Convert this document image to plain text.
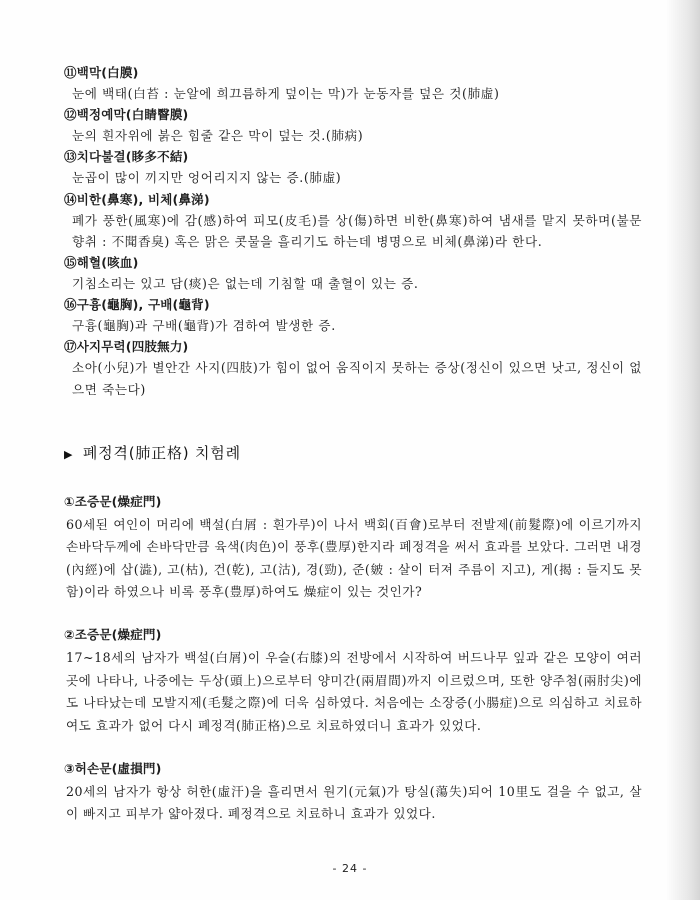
⑪백막(白膜)

눈에 백태(白苔 : 눈알에 희끄름하게 덮이는 막)가 눈동자를 덮은 것(肺虛)

⑫백정예막(白睛瞖膜)

눈의 흰자위에 붉은 힘줄 같은 막이 덮는 것.(肺病)

⑬치다불결(眵多不結)

눈곱이 많이 끼지만 엉어리지지 않는 증.(肺虛)

⑭비한(鼻寒), 비체(鼻涕)

폐가 풍한(風寒)에 감(感)하여 피모(皮毛)를 상(傷)하면 비한(鼻寒)하여 냄새를 맡지 못하며(불문향취 : 不聞香臭) 혹은 맑은 콧물을 흘리기도 하는데 병명으로 비체(鼻涕)라 한다.

⑮해혈(咳血)

기침소리는 있고 담(痰)은 없는데 기침할 때 출혈이 있는 증.

⑯구흉(龜胸), 구배(龜背)

구흉(龜胸)과 구배(龜背)가 겸하여 발생한 증.

⑰사지무력(四肢無力)

소아(小兒)가 별안간 사지(四肢)가 힘이 없어 움직이지 못하는 증상(정신이 있으면 낫고, 정신이 없으면 죽는다)

▶ 폐정격(肺正格) 치험례

①조증문(燥症門)

60세된 여인이 머리에 백설(白屑 : 흰가루)이 나서 백회(百會)로부터 전발제(前髮際)에 이르기까지 손바닥두께에 손바닥만큼 육색(肉色)이 풍후(豊厚)한지라 폐정격을 써서 효과를 보았다. 그러면 내경(內經)에 삽(澁), 고(枯), 건(乾), 고(沽), 경(勁), 준(皴 : 살이 터져 주름이 지고), 게(揭 : 들지도 못함)이라 하였으나 비록 풍후(豊厚)하여도 燥症이 있는 것인가?

②조증문(燥症門)

17~18세의 남자가 백설(白屑)이 우슬(右膝)의 전방에서 시작하여 버드나무 잎과 같은 모양이 여러 곳에 나타나, 나중에는 두상(頭上)으로부터 양미간(兩眉間)까지 이르렀으며, 또한 양주첨(兩肘尖)에도 나타났는데 모발지제(毛髮之際)에 더욱 심하였다. 처음에는 소장증(小腸症)으로 의심하고 치료하여도 효과가 없어 다시 폐정격(肺正格)으로 치료하였더니 효과가 있었다.

③허손문(虛損門)

20세의 남자가 항상 허한(虛汗)을 흘리면서 원기(元氣)가 탕실(蕩失)되어 10里도 걸을 수 없고, 살이 빠지고 피부가 얇아졌다. 폐정격으로 치료하니 효과가 있었다.

- 24 -
